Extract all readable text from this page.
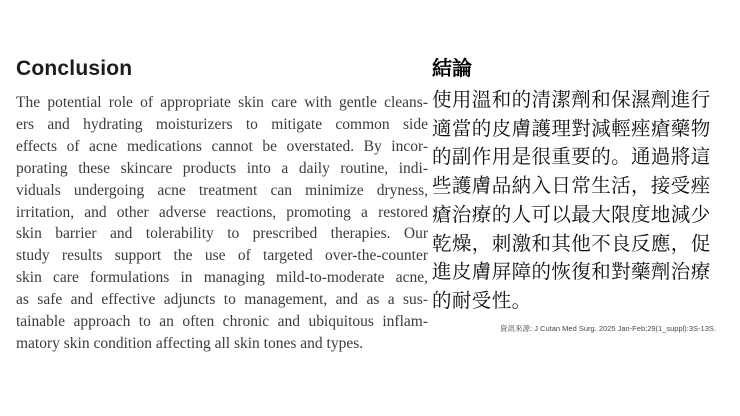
Conclusion
The potential role of appropriate skin care with gentle cleans-
ers and hydrating moisturizers to mitigate common side
effects of acne medications cannot be overstated. By incor-
porating these skincare products into a daily routine, indi-
viduals undergoing acne treatment can minimize dryness,
irritation, and other adverse reactions, promoting a restored
skin barrier and tolerability to prescribed therapies. Our
study results support the use of targeted over-the-counter
skin care formulations in managing mild-to-moderate acne,
as safe and effective adjuncts to management, and as a sus-
tainable approach to an often chronic and ubiquitous inflam-
matory skin condition affecting all skin tones and types.
結論
使用溫和的清潔劑和保濕劑進行
適當的皮膚護理對減輕痤瘡藥物
的副作用是很重要的。通過將這
些護膚品納入日常生活，接受痤
瘡治療的人可以最大限度地減少
乾燥，刺激和其他不良反應，促
進皮膚屏障的恢復和對藥劑治療
的耐受性。
資訊來源: J Cutan Med Surg. 2025 Jan-Feb;29(1_suppl):3S-13S.
